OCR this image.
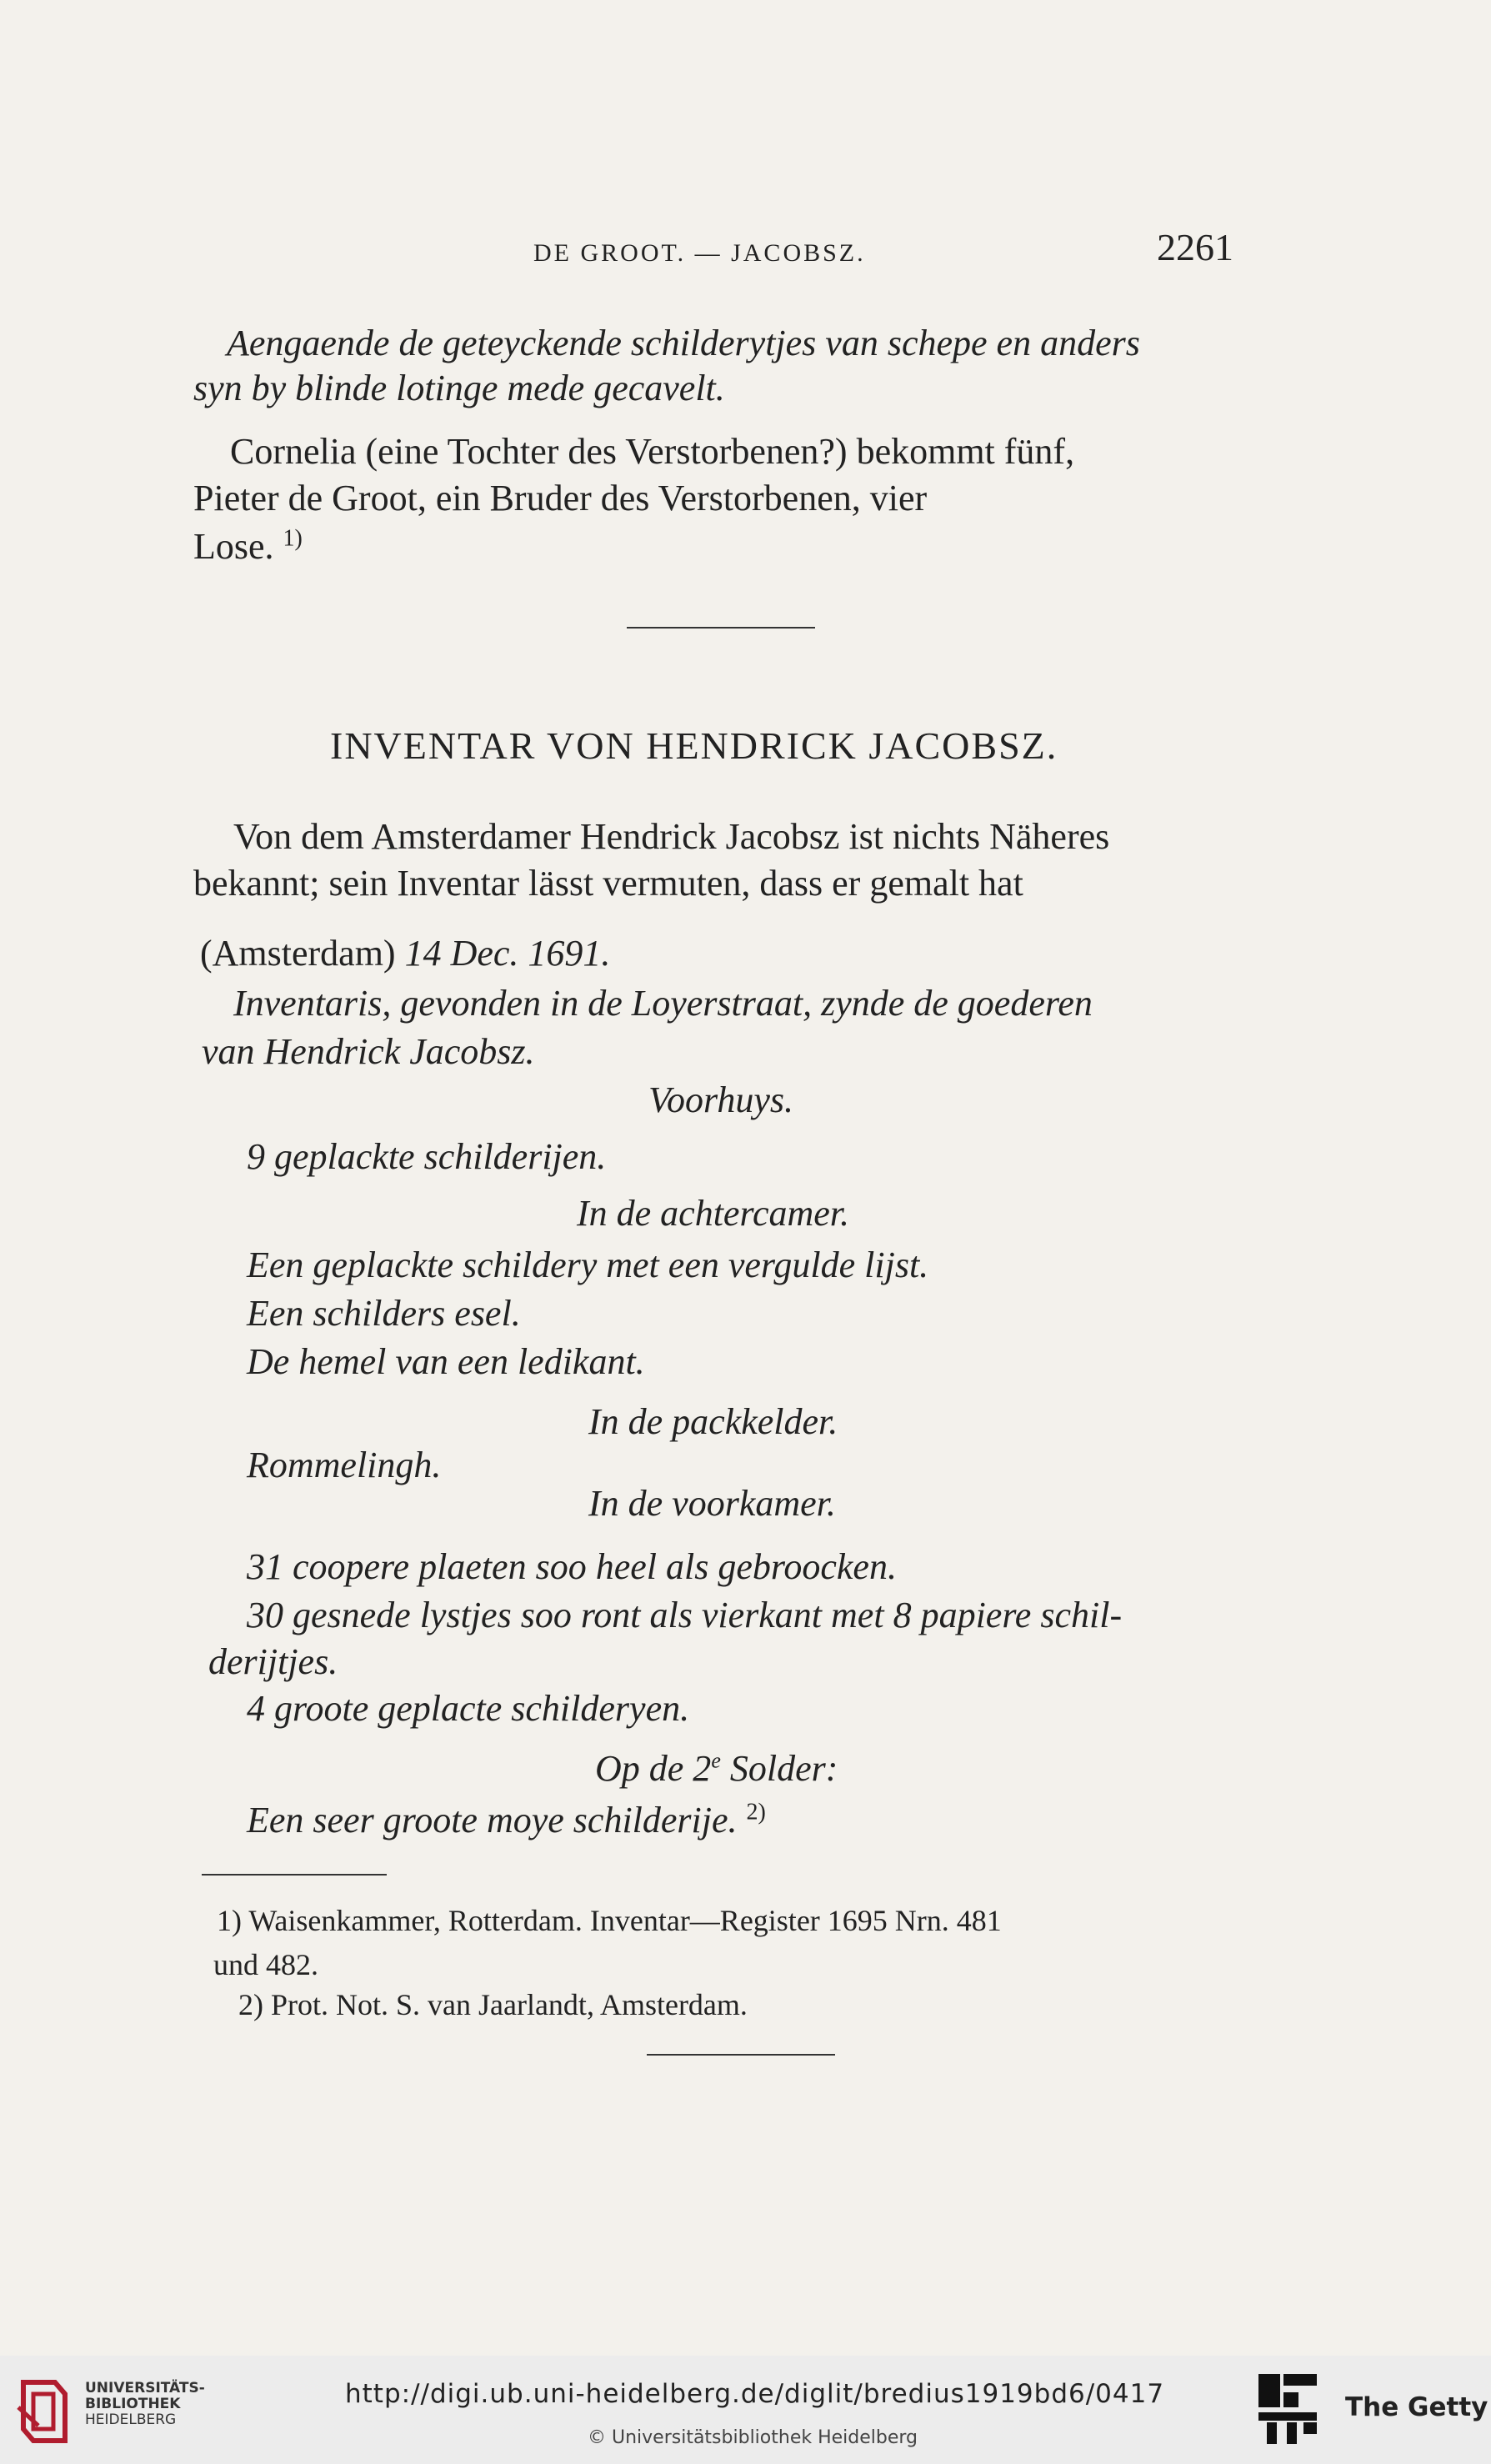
DE GROOT. — JACOBSZ.	2261
Aengaende de geteyckende schilderytjes van schepe en anders
syn by blinde lotinge mede gecavelt.
Cornelia (eine Tochter des Verstorbenen?) bekommt fünf,
Pieter de Groot, ein Bruder des Verstorbenen, vier
Lose. $^{1)}$
INVENTAR VON HENDRICK JACOBSZ.
Von dem Amsterdamer Hendrick Jacobsz ist nichts Näheres
bekannt; sein Inventar lässt vermuten, dass er gemalt hat
(Amsterdam) 14 Dec. 1691.
Inventaris, gevonden in de Loyerstraat, zynde de goederen
van Hendrick Jacobsz.
Voorhuys.
9 geplackte schilderijen.
In de achtercamer.
Een geplackte schildery met een vergulde lijst.
Een schilders esel.
De hemel van een ledikant.
In de packkelder.
Rommelingh.
In de voorkamer.
31 coopere plaeten soo heel als gebroocken.
30 gesnede lystjes soo ront als vierkant met 8 papiere schil-
derijtjes.
4 groote geplacte schilderyen.
Op de 2e Solder:
Een seer groote moye schilderije. $^{2)}$
1) Waisenkammer, Rotterdam. Inventar—Register 1695 Nrn. 481
und 482.
2) Prot. Not. S. van Jaarlandt, Amsterdam.
UNIVERSITÄTS-
BIBLIOTHEK
HEIDELBERG
http://digi.ub.uni-heidelberg.de/diglit/bredius1919bd6/0417
© Universitätsbibliothek Heidelberg
The Getty
